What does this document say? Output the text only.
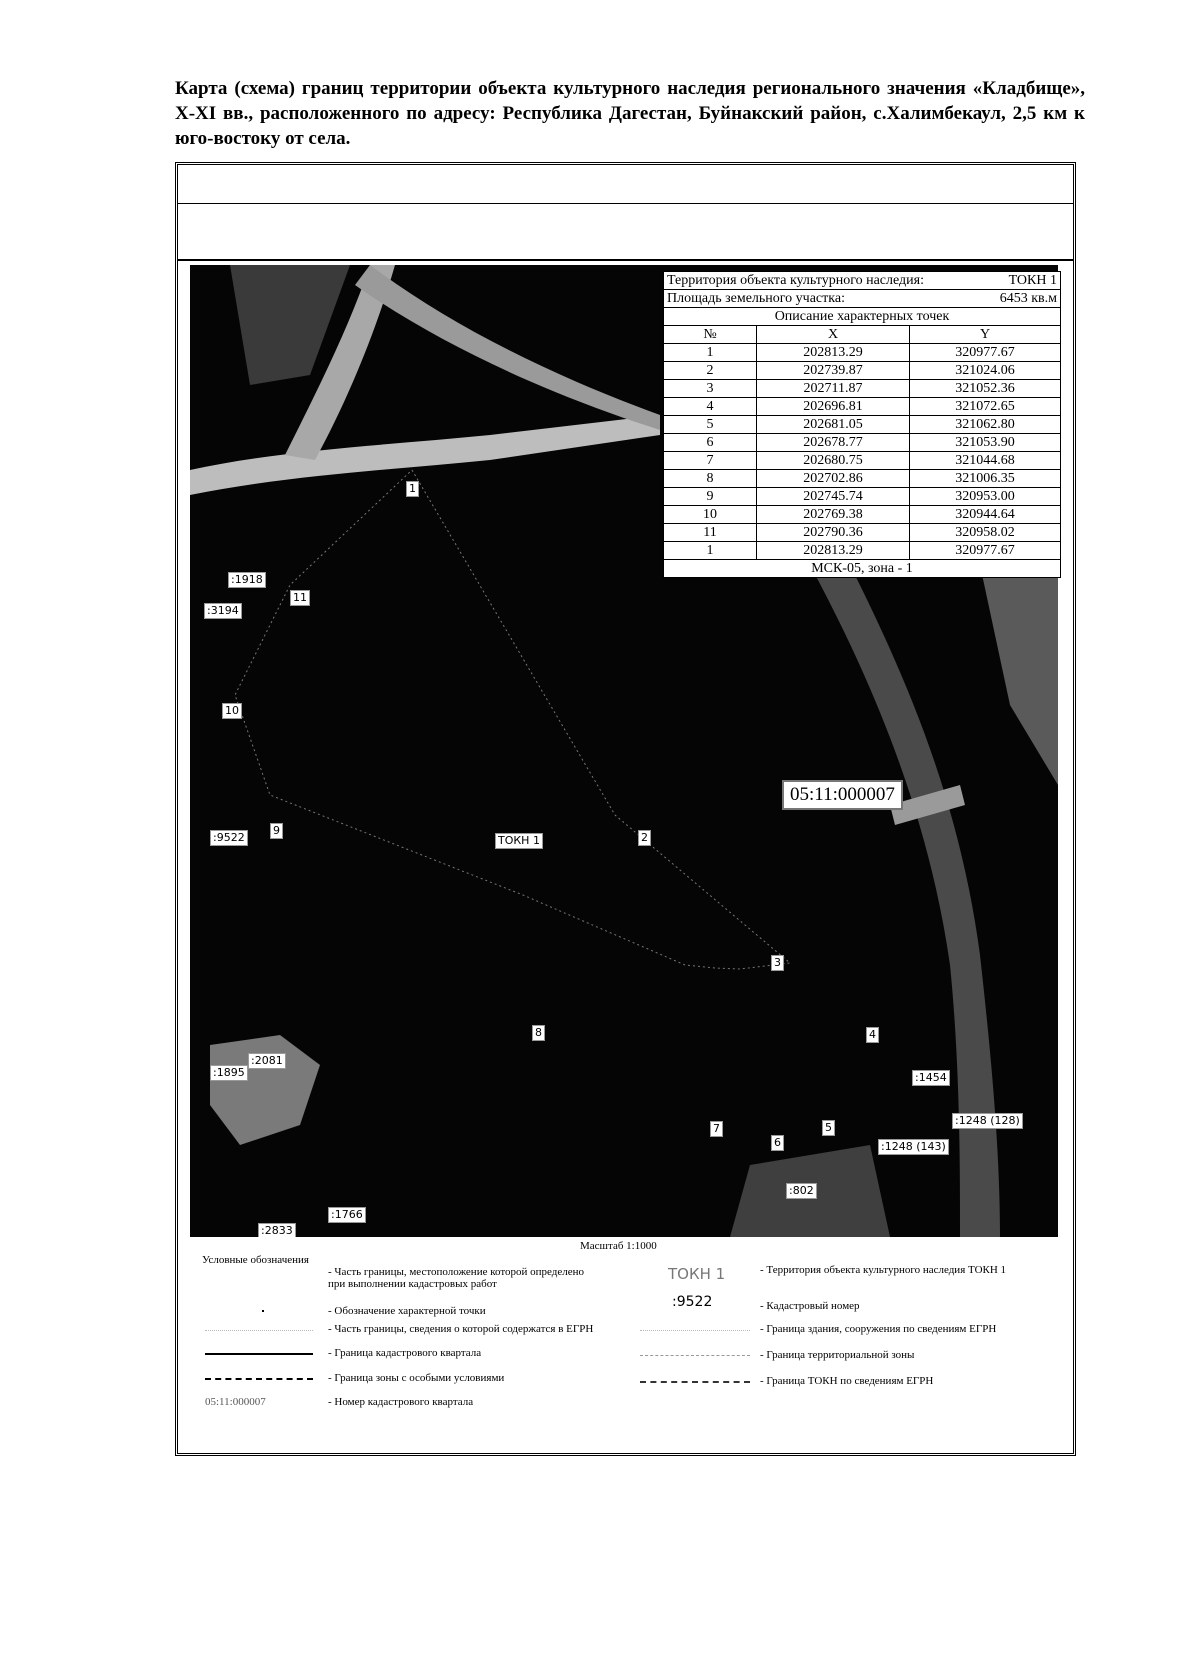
Карта (схема) границ территории объекта культурного наследия регионального значения «Кладбище», X-XI вв., расположенного по адресу: Республика Дагестан, Буйнакский район, с.Халимбекаул, 2,5 км к юго-востоку от села.
1
2
3
4
5
6
7
8
9
10
11
:1918
:3194
:9522
:1895
:2081
:1766
:2833
:1454
:1248 (128)
:1248 (143)
:802
ТОКН 1
05:11:000007
Территория объекта культурного наследия:	ТОКН 1
Площадь земельного участка:	6453 кв.м
Описание характерных точек
№	X	Y
1	202813.29	320977.67
2	202739.87	321024.06
3	202711.87	321052.36
4	202696.81	321072.65
5	202681.05	321062.80
6	202678.77	321053.90
7	202680.75	321044.68
8	202702.86	321006.35
9	202745.74	320953.00
10	202769.38	320944.64
11	202790.36	320958.02
1	202813.29	320977.67
МСК-05, зона - 1
Масштаб 1:1000
Условные обозначения
- Часть границы, местоположение которой определено при выполнении кадастровых работ
- Обозначение характерной точки
- Часть границы, сведения о которой содержатся в ЕГРН
- Граница кадастрового квартала
- Граница зоны с особыми условиями
05:11:000007	- Номер кадастрового квартала
ТОКН 1	- Территория объекта культурного наследия ТОКН 1
:9522	- Кадастровый номер
- Граница здания, сооружения по сведениям ЕГРН
- Граница территориальной зоны
- Граница ТОКН по сведениям ЕГРН
